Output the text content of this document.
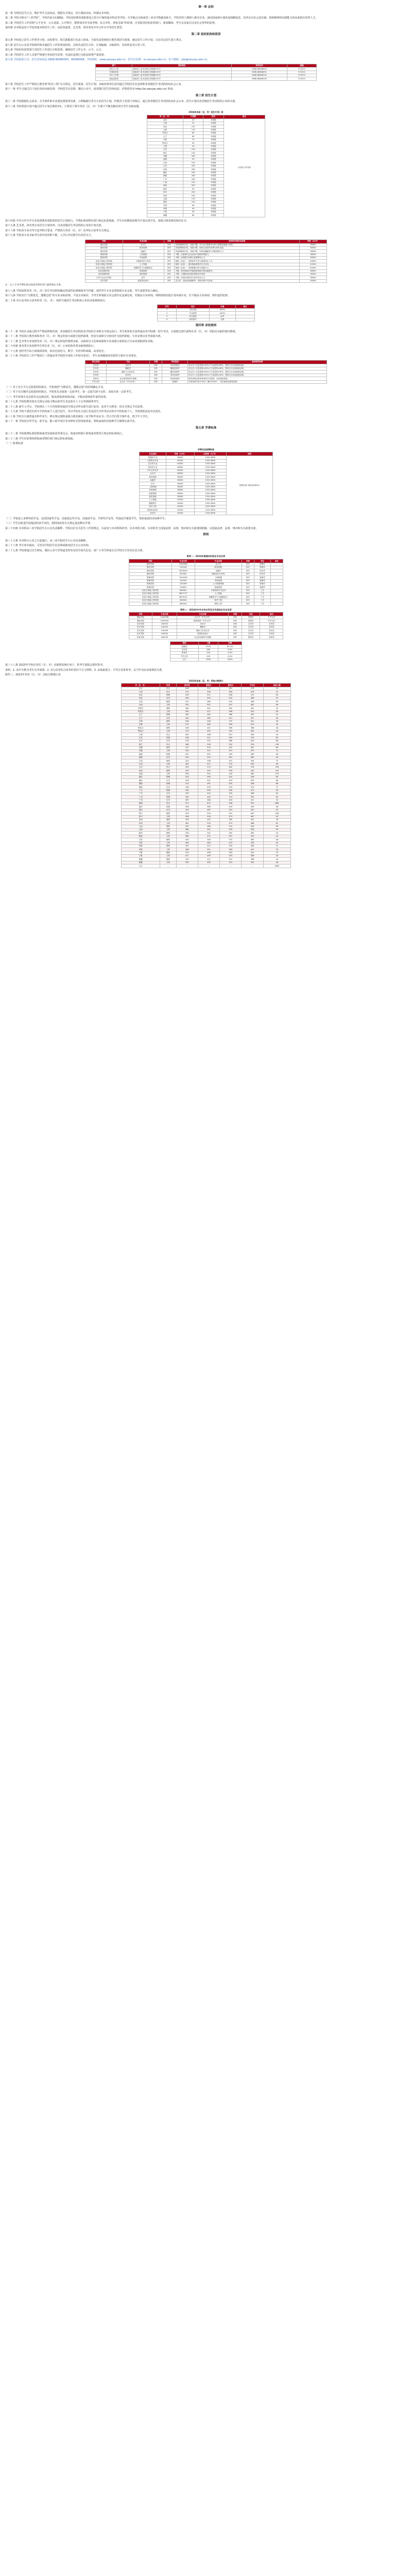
第一章 总则

第一条 为规范招生行为，维护考生合法权益，根据有关规定，结合我校实际，特制定本章程。

第二条 学校全称为“三亚学院”，学校代码为13892。学校是经教育部批准设立的全日制普通本科高等学校，办学地点为海南省三亚市学院路191号。学校坚持立德树人根本任务，面向国家和区域发展战略需求，培养具有社会责任感、创新精神和实践能力的高素质应用型人才。

第三条 学校招生工作贯彻“公平竞争、公正选拔、公开程序，德智体美劳全面考核、综合评价、择优录取”的原则，自觉接受纪检监察部门、新闻媒体、考生及其家长以及社会各界的监督。

第四条 本章程适用于学校普通本科招生工作，包括普通类、艺术类、体育类及中外合作办学等招生类型。

第二章 组织机构和职责

第五条 学校成立招生工作领导小组，由校领导、相关职能部门负责人组成，全面负责贯彻执行教育部招生政策，制定招生工作计划，讨论决定招生重大事宜。

第六条 招生办公室是学校组织和实施招生工作的常设机构，具体负责招生宣传、计划编制、录取组织、咨询答复等日常工作。

第七条 学校纪检监察部门对招生工作进行全程监督，确保招生工作公开、公平、公正。

第八条 学校招生工作人员须严格遵守各项招生纪律，对违纪违规行为依法依规严肃处理。

第九条 学校联系方式：招生咨询电话 0898-88386000、88386068；学校网址：www.sanyau.edu.cn；招生信息网：zs.sanyau.edu.cn；电子邮箱：zsb@sanyau.edu.cn。

部门	联系地址	咨询电话	邮编
招生办公室	海南省三亚市吉阳区学院路191号	0898-88386000	572022
计划财务处	海南省三亚市吉阳区学院路191号	0898-88386091	572022
学生工作部	海南省三亚市吉阳区学院路191号	0898-88386122	572022
纪检监察室	海南省三亚市吉阳区学院路191号	0898-88386135	572022

第十条 学校招生工作严格执行教育部“阳光工程”有关规定，招生政策、招生计划、录取结果等信息均通过学校招生信息网和各省级招生考试机构向社会公布。

第十一条 考生可通过以下途径查询录取结果：学校招生信息网、微信公众号，或者拨打招生咨询电话。详情请登录 http://zs.sanyau.edu.cn/ 查询。

第三章 招生计划

第十二条 学校根据社会需求、办学条件和专业建设规划等因素，合理编制分省分专业招生计划，经教育主管部门审核后，通过各省级招生考试机构向社会公布。招生计划以各省级招生考试机构公布的为准。

第十三条 学校预留计划不超过招生计划总数的1%，主要用于调节各省（区、市）生源不平衡及解决同分考生录取问题。

2024年各省（区、市）招生计划一览
省（区、市）	计划数	批次	备注
北京	20	本科批	以各省公布为准
天津	25	本科批	
河北	120	本科批	
山西	110	本科批	
内蒙古	60	本科批	
辽宁	80	本科批	
吉林	70	本科批	
黑龙江	90	本科批	
上海	20	本科批	
江苏	150	本科批	
浙江	140	本科批	
安徽	160	本科批	
福建	90	本科批	
江西	130	本科批	
山东	200	本科批	
河南	260	本科批	
湖北	150	本科批	
湖南	160	本科批	
广东	180	本科批	
广西	120	本科批	
海南	900	本科批	
重庆	90	本科批	
四川	200	本科批	
贵州	140	本科批	
云南	110	本科批	
陕西	100	本科批	
甘肃	90	本科批	
青海	40	本科批	
宁夏	40	本科批	
新疆	80	本科批	

第十四条 中外合作办学专业按照教育部批准的招生计划执行，学费标准按物价部门核定标准收取。学生在校期间按教学计划完成学业，成绩合格者颁发相应证书。

第十五条 艺术类、体育类专业招生计划单列，以各省级招生考试机构公布的计划为准。

第十六条 学校各专业对考生选考科目要求，严格执行各省（区、市）高考综合改革有关规定。

第十七条 学校各专业录取考生的外语语种不限，入学后外语教学以英语为主。

学院	专业名称	学制	选考科目要求及说明	学费（元/年）
财经学院	会计学	四年	首选物理或历史，再选不限；本专业注重财务分析与管理实践能力培养。	38000
财经学院	财务管理	四年	首选物理或历史，再选不限；面向企业财务决策与资本运营。	38000
财经学院	金融学	四年	首选物理或历史，再选不限；培养金融服务与风险管理人才。	38000
管理学院	工商管理	四年	不限；注重现代企业运营与管理决策能力。	36000
管理学院	市场营销	四年	不限；培养数字营销与品牌策划人才。	36000
信息与智能工程学院	计算机科学与技术	四年	物理（必选）；培养软件开发与系统设计人才。	40000
信息与智能工程学院	人工智能	四年	物理（必选）；面向智能系统开发与应用。	42000
信息与智能工程学院	数据科学与大数据技术	四年	物理（必选）；培养数据分析与挖掘人才。	40000
旅业管理学院	旅游管理	四年	不限；依托海南自贸港旅游资源开展实践教学。	36000
旅业管理学院	酒店管理	四年	不限；与国际知名酒店集团合作培养。	36000
法学与社会学学院	法学	四年	不限；培养法律实务与涉外法治人才。	38000
艺术学院	视觉传达设计	四年	艺术类，须参加省级统考；成绩合格方可录取。	45000
注：以上专业学费标准以海南省物价部门最终核定为准。

第十八条 学校按照各省（区、市）招生考试机构确定的投档比例调阅考生档案，进档考生专业安排依据专业志愿、考生成绩等综合确定。

第十九条 学校实行“分数优先，遵循志愿”的专业录取原则，不设专业级差。当考生所填报专业志愿均无法满足时，若服从专业调剂，则调剂到其他计划未满专业；若不服从专业调剂，则作退档处理。

第二十条 实行高考综合改革的省（区、市），按照当地招生考试机构公布的录取规则执行。

序号	项目	分值	备注
1	文化成绩	≥60%	
2	专业成绩	≤40%	
3	综合素质	参考	
4	身体条件	合格	
第四章 录取规则

第二十一条 学校在录取过程中严格按照教育部、各省级招生考试机构及学校招生章程有关规定执行。考生须参加全国普通高等学校统一招生考试，且成绩达到生源所在省（区、市）同批次录取控制分数线。

第二十二条 学校执行教育部和各省（区、市）规定的加分或降分投档政策，但加分或降分分值仅作为投档依据，专业安排以实考成绩为准。

第二十三条 艺术类专业按照各省（区、市）规定的投档规则录取，录取时以文化课成绩和专业成绩合成的综合分由高到低择优录取。

第二十四条 体育类专业按照考生所在省（区、市）公布的体育类录取规则执行。

第二十五条 进档考生综合成绩相同时，依次比较语文、数学、外语单科成绩，高者优先。

第二十六条 学校招生工作严格执行《普通高等学校招生体检工作指导意见》，考生身体健康状况须符合相应专业要求。

招生类别	专业	学制	考试类别	录取规则说明
艺术类	音乐学	四年	音乐类统考	综合分=文化成绩×40%+专业成绩×60%，按综合分从高到低录取。
艺术类	舞蹈学	四年	舞蹈类统考	综合分=文化成绩×40%+专业成绩×60%，按综合分从高到低录取。
艺术类	播音与主持艺术	四年	播音类统考	综合分=文化成绩×50%+专业成绩×50%，按综合分从高到低录取。
艺术类	美术学	四年	美术类统考	综合分=文化成绩×50%+专业成绩×50%，按综合分从高到低录取。
体育类	社会体育指导与管理	四年	体育类统考	按各省规定的体育类综合分投档，从高到低录取。
中外合作	会计学（中外合作）	四年	普通类	外语成绩不低于90分（满分150分），按分数优先原则录取。

（一）对于实行平行志愿投档的批次，学校按照“分数优先，遵循志愿”的原则确定专业。

（二）对于实行顺序志愿投档的批次，学校优先录取第一志愿考生；第一志愿生源不足时，录取非第一志愿考生。

（三）考生所填专业志愿均无法满足时，服从调剂者调剂录取，不服从调剂者作退档处理。

第二十七条 学校按教育部有关规定录取少数民族考生及边防军人子女等照顾类考生。

第二十八条 新生入学后，学校将在三个月内按照国家招生规定对所有新生进行复查。复查不合格者，按有关规定予以处理。

第二十九条 学校不委托任何中介机构或个人进行招生，对以学校名义进行非法招生宣传等活动的中介机构或个人，学校将依法追究其责任。

第三十条 学校全日制普通本科毕业生，修完规定课程成绩合格者颁发三亚学院毕业证书；符合学位授予条件者，授予学士学位。

第三十一条 学校设有奖学金、助学金、勤工助学岗位等多种形式的资助体系，帮助家庭经济困难学生顺利完成学业。

第五章 学费标准

第三十二条 学校收费标准按照海南省发展和改革委员会、海南省财政厅和海南省教育厅核定的标准执行。

第三十三条 学生住宿费按照海南省物价部门核定的标准收取。

（一）收费标准

学费及住宿费标准
专业类别	学费（元/年）	住宿费（元/年）	说明
普通类专业	36000	1200-3600	按物价部门核定标准执行
计算机类专业	40000	1200-3600	
艺术类专业	45000	1200-3600	
体育类专业	38000	1200-3600	
中外合作办学	60000	1200-3600	
会计学	38000	1200-3600	
财务管理	38000	1200-3600	
金融学	38000	1200-3600	
法学	38000	1200-3600	
工商管理	36000	1200-3600	
市场营销	36000	1200-3600	
旅游管理	36000	1200-3600	
酒店管理	36000	1200-3600	
人工智能	42000	1200-3600	
数据科学	40000	1200-3600	
软件工程	40000	1200-3600	
视觉传达设计	45000	1200-3600	
音乐学	45000	1200-3600	

（二）学校设立多种奖助学金，包括国家奖学金、国家励志奖学金、国家助学金、学校奖学金等，奖励品学兼优学生，资助家庭经济困难学生。

（三）学生因故退学或提前结束学业的，按照海南省有关规定退还剩余学费。

第三十四条 本章程由三亚学院招生办公室负责解释。学校以往有关招生工作的规定、办法如与本章程相冲突，以本章程为准。本章程若与国家法律、法规、规章和有关政策相抵触，以国家法律、法规、规章和有关政策为准。

附则

第三十五条 本章程自公布之日起施行，由三亚学院招生办公室负责解释。

第三十六条 考生如有疑问，可登录学校招生信息网或致电招生办公室咨询。

第三十七条 学校将通过官方网站、微信公众号等渠道及时发布招生相关信息，请广大考生和家长以学校官方发布信息为准。

附件一：2024年普通本科招生专业目录
学院	专业代码	专业名称	学制	学位	备注
财经学院	120203K	会计学	四年	管理学	
财经学院	120204	财务管理	四年	管理学	
财经学院	020301K	金融学	四年	经济学	
财经学院	020401	国际经济与贸易	四年	经济学	
管理学院	120201K	工商管理	四年	管理学	
管理学院	120202	市场营销	四年	管理学	
管理学院	120206	人力资源管理	四年	管理学	
管理学院	120601	物流管理	四年	管理学	
信息与智能工程学院	080901	计算机科学与技术	四年	工学	
信息与智能工程学院	080717T	人工智能	四年	工学	
信息与智能工程学院	080910T	数据科学与大数据技术	四年	工学	
信息与智能工程学院	080902	软件工程	四年	工学	
信息与智能工程学院	080903	网络工程	四年	工学	
附件二：2024年中外合作办学及艺术类招生专业目录
学院	专业代码	专业名称	学制	学位	备注
国际学院	120203K	会计学（中外合作）	四年	管理学	中外合作
国际学院	120901K	旅游管理（中外合作）	四年	管理学	中外合作
艺术学院	130202	音乐学	四年	艺术学	艺术类
艺术学院	130205	舞蹈学	四年	艺术学	艺术类
艺术学院	130309	播音与主持艺术	四年	艺术学	艺术类
艺术学院	130502	视觉传达设计	四年	艺术学	艺术类
体育学院	040203	社会体育指导与管理	四年	教育学	体育类
类别	人数	比例
普通类	4120	82.4%
艺术类	480	9.6%
体育类	200	4.0%
中外合作	200	4.0%
合计	5000	100%

第三十八条 2023年学校在各省（区、市）录取情况统计如下，供考生填报志愿时参考。

说明：1. 表中分数为考生实考成绩；2. 实行高考综合改革的省份不分文理科；3. 录取最低分、平均分仅供参考，以当年实际录取情况为准。

附件三：2023年各省（区、市）录取分数统计表

2023年各省（区、市）录取分数统计
省（区、市）	科类	批次线	最高分	最低分	平均分	录取人数
北京	综合	448	512	461	478	18
天津	综合	472	536	489	503	24
河北	物理	439	511	458	472	64
河北	历史	430	503	452	466	52
山西	理科	415	489	432	448	60
山西	文科	432	501	447	461	48
内蒙古	理科	360	452	381	402	32
内蒙古	文科	392	471	408	423	26
辽宁	物理	360	462	388	409	42
辽宁	历史	404	489	421	437	36
吉林	理科	348	448	372	391	38
吉林	文科	371	462	395	412	30
黑龙江	理科	346	441	369	388	48
黑龙江	文科	375	459	393	409	40
上海	综合	405	468	421	436	18
江苏	物理	448	521	463	479	80
江苏	历史	474	532	486	499	68
浙江	综合	488	558	502	516	138
安徽	理科	427	503	445	461	86
安徽	文科	440	512	457	472	72
福建	物理	431	502	449	465	48
福建	历史	453	519	467	482	40
江西	理科	424	498	441	456	70
江西	文科	465	527	479	493	58
山东	综合	443	519	462	478	198
河南	理科	409	492	428	445	140
河南	文科	428	505	444	460	116
湖北	物理	424	499	442	458	80
湖北	历史	426	501	443	459	68
湖南	物理	415	491	432	448	86
湖南	历史	438	509	455	470	72
广东	物理	439	509	456	471	96
广东	历史	433	504	450	466	82
广西	物理	350	443	374	392	64
广西	历史	387	468	405	421	54
海南	综合	471	612	498	532	886
重庆	物理	406	486	424	440	48
重庆	历史	407	487	425	441	40
四川	理科	433	509	451	467	108
四川	文科	458	526	472	487	90
贵州	理科	359	452	382	401	76
贵州	文科	461	523	474	488	62
云南	理科	405	486	424	440	58
云南	文科	480	541	493	506	50
陕西	理科	336	442	362	383	54
陕西	文科	389	471	407	424	44
甘肃	理科	345	446	370	389	48
甘肃	文科	406	484	423	439	40
青海	理科	307	412	334	356	22
青海	文科	366	451	384	401	18
宁夏	理科	370	458	392	410	22
宁夏	文科	427	499	443	458	18
新疆	理科	320	421	347	368	44
新疆	文科	353	439	374	392	36
合计	—	—	—	—	—	4962
